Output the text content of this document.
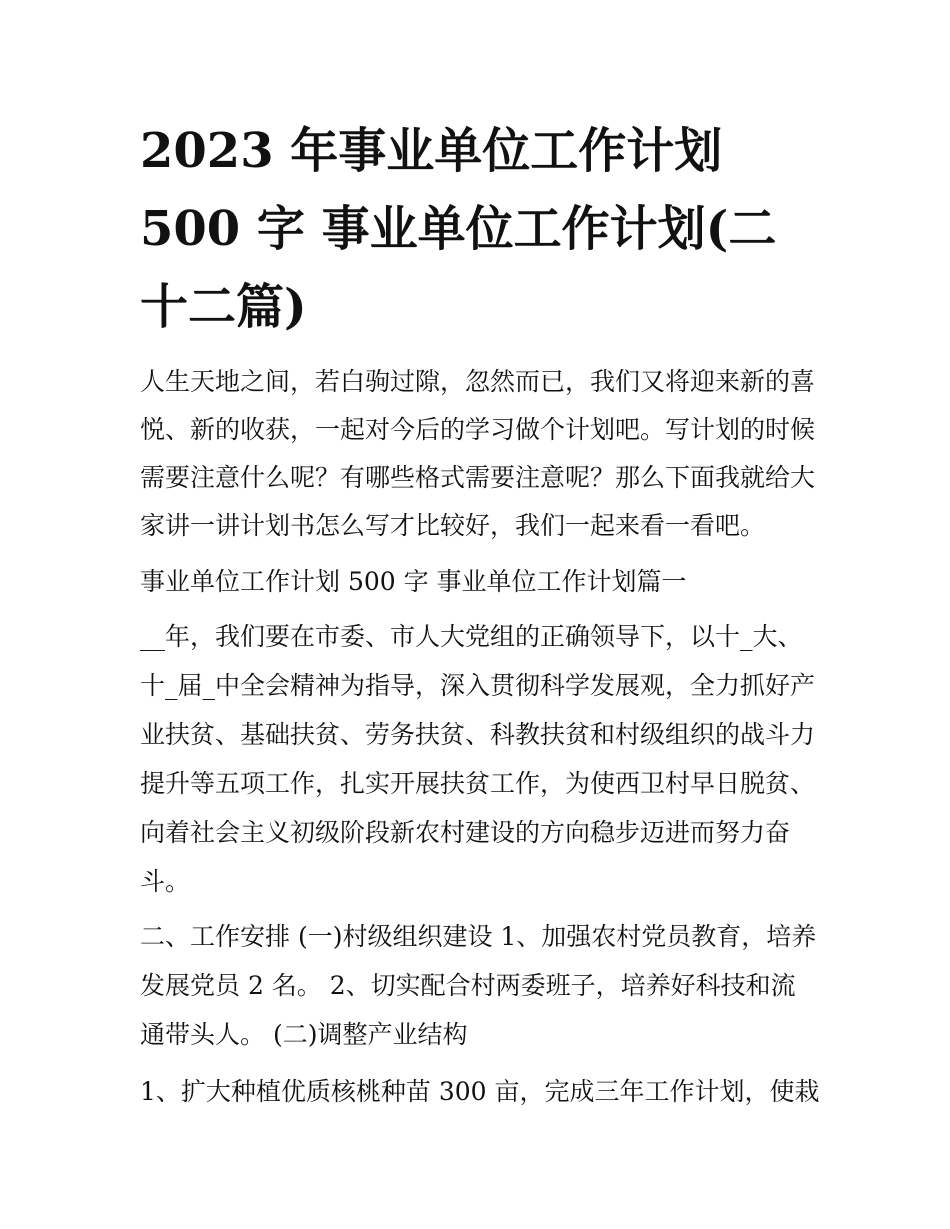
2023 年事业单位工作计划 500 字 事业单位工作计划(二十二篇)

人生天地之间，若白驹过隙，忽然而已，我们又将迎来新的喜悦、新的收获，一起对今后的学习做个计划吧。写计划的时候需要注意什么呢？有哪些格式需要注意呢？那么下面我就给大家讲一讲计划书怎么写才比较好，我们一起来看一看吧。

事业单位工作计划 500 字 事业单位工作计划篇一

__年，我们要在市委、市人大党组的正确领导下，以十_大、十_届_中全会精神为指导，深入贯彻科学发展观，全力抓好产业扶贫、基础扶贫、劳务扶贫、科教扶贫和村级组织的战斗力提升等五项工作，扎实开展扶贫工作，为使西卫村早日脱贫、向着社会主义初级阶段新农村建设的方向稳步迈进而努力奋斗。

二、工作安排 (一)村级组织建设 1、加强农村党员教育，培养发展党员 2 名。 2、切实配合村两委班子，培养好科技和流通带头人。 (二)调整产业结构

1、扩大种植优质核桃种苗 300 亩，完成三年工作计划，使栽
